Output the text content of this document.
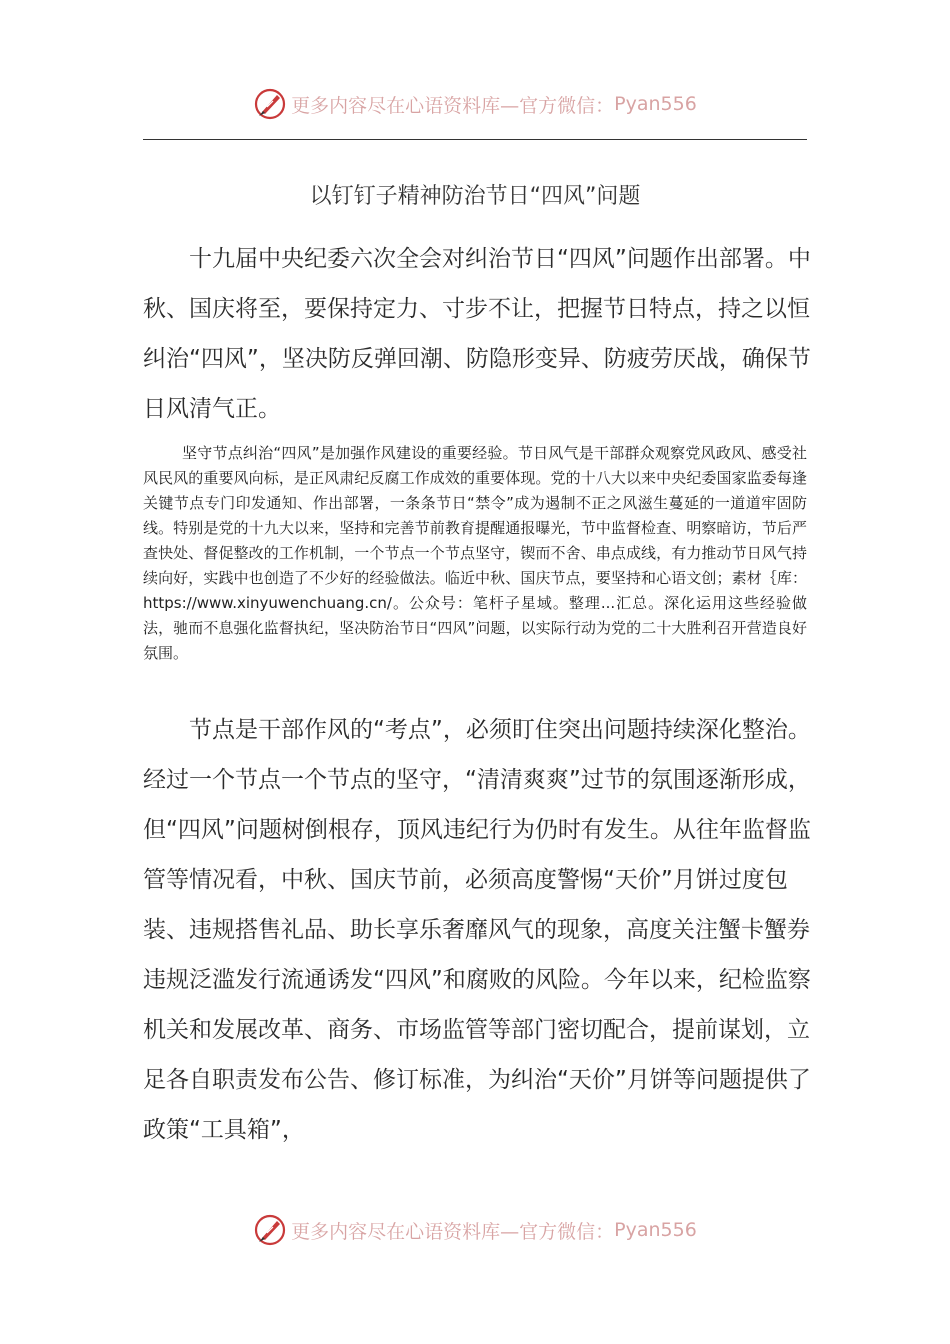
更多内容尽在心语资料库—官方微信： Pyan556
以钉钉子精神防治节日“四风”问题

十九届中央纪委六次全会对纠治节日“四风”问题作出部署。中秋、国庆将至，要保持定力、寸步不让，把握节日特点，持之以恒纠治“四风”，坚决防反弹回潮、防隐形变异、防疲劳厌战，确保节日风清气正。

坚守节点纠治“四风”是加强作风建设的重要经验。节日风气是干部群众观察党风政风、感受社风民风的重要风向标，是正风肃纪反腐工作成效的重要体现。党的十八大以来中央纪委国家监委每逢关键节点专门印发通知、作出部署，一条条节日“禁令”成为遏制不正之风滋生蔓延的一道道牢固防线。特别是党的十九大以来，坚持和完善节前教育提醒通报曝光，节中监督检查、明察暗访，节后严查快处、督促整改的工作机制，一个节点一个节点坚守，锲而不舍、串点成线，有力推动节日风气持续向好，实践中也创造了不少好的经验做法。临近中秋、国庆节点，要坚持和心语文创；素材｛库：https://www.xinyuwenchuang.cn/。公众号：笔杆子星域。整理...汇总。深化运用这些经验做法，驰而不息强化监督执纪，坚决防治节日“四风”问题，以实际行动为党的二十大胜利召开营造良好氛围。

节点是干部作风的“考点”，必须盯住突出问题持续深化整治。经过一个节点一个节点的坚守，“清清爽爽”过节的氛围逐渐形成，但“四风”问题树倒根存，顶风违纪行为仍时有发生。从往年监督监管等情况看，中秋、国庆节前，必须高度警惕“天价”月饼过度包装、违规搭售礼品、助长享乐奢靡风气的现象，高度关注蟹卡蟹券违规泛滥发行流通诱发“四风”和腐败的风险。今年以来，纪检监察机关和发展改革、商务、市场监管等部门密切配合，提前谋划，立足各自职责发布公告、修订标准，为纠治“天价”月饼等问题提供了政策“工具箱”，

更多内容尽在心语资料库—官方微信： Pyan556
